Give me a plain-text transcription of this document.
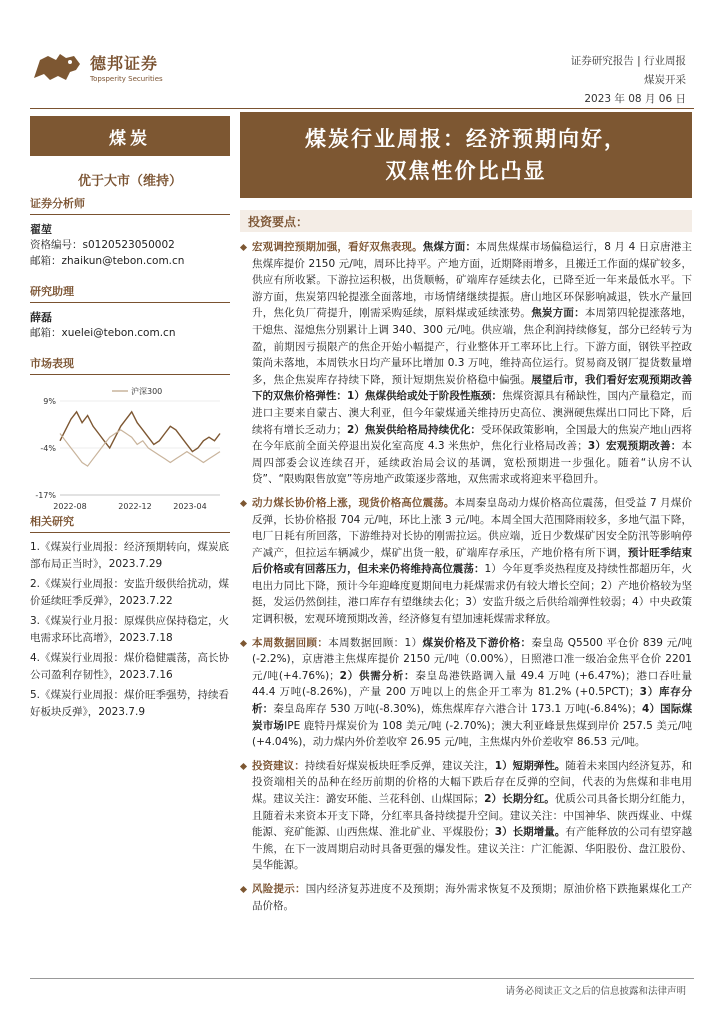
德邦证券
Topsperity Securities
证券研究报告 | 行业周报
煤炭开采
2023 年 08 月 06 日
煤炭
优于大市（维持）
证券分析师
翟堃
资格编号：s0120523050002
邮箱：zhaikun@tebon.com.cn
研究助理
薛磊
邮箱：xuelei@tebon.com.cn
市场表现
9%
-4%
-17%
2022-08	2022-12	2023-04
沪深300
相关研究
1.《煤炭行业周报：经济预期转向，煤炭底部布局正当时》，2023.7.29
2.《煤炭行业周报：安监升级供给扰动，煤价延续旺季反弹》，2023.7.22
3.《煤炭行业月报：原煤供应保持稳定，火电需求环比高增》，2023.7.18
4.《煤炭行业周报：煤价稳健震荡，高长协公司盈利存韧性》，2023.7.16
5.《煤炭行业周报：煤价旺季强势，持续看好板块反弹》，2023.7.9
煤炭行业周报：经济预期向好，
双焦性价比凸显
投资要点：
宏观调控预期加强，看好双焦表现。焦煤方面：本周焦煤煤市场偏稳运行，8 月 4 日京唐港主焦煤库提价 2150 元/吨，周环比持平。产地方面，近期降雨增多，且搬迁工作面的煤矿较多，供应有所收紧。下游拉运积极，出货顺畅，矿端库存延续去化，已降至近一年来最低水平。下游方面，焦炭第四轮提涨全面落地，市场情绪继续提振。唐山地区环保影响减退，铁水产量回升，焦化负厂荷提升，刚需采购延续，原料煤或延续涨势。焦炭方面：本周第四轮提涨落地，干熄焦、湿熄焦分别累计上调 340、300 元/吨。供应端，焦企利润持续修复，部分已经转亏为盈，前期因亏损限产的焦企开始小幅提产，行业整体开工率环比上行。下游方面，钢铁平控政策尚未落地，本周铁水日均产量环比增加 0.3 万吨，维持高位运行。贸易商及钢厂提货数量增多，焦企焦炭库存持续下降，预计短期焦炭价格稳中偏强。展望后市，我们看好宏观预期改善下的双焦价格弹性：1）焦煤供给或处于阶段性瓶颈：焦煤资源具有稀缺性，国内产量稳定，而进口主要来自蒙古、澳大利亚，但今年蒙煤通关维持历史高位、澳洲硬焦煤出口同比下降，后续将有增长乏动力；2）焦炭供给格局持续优化：受环保政策影响，全国最大的焦炭产地山西将在今年底前全面关停退出炭化室高度 4.3 米焦炉，焦化行业格局改善；3）宏观预期改善：本周四部委会议连续召开，延续政治局会议的基调，宽松预期进一步强化。随着“认房不认贷”、“限购限售放宽”等房地产政策逐步落地，双焦需求或将迎来平稳回升。
动力煤长协价格上涨，现货价格高位震荡。本周秦皇岛动力煤价格高位震荡，但受益 7 月煤价反弹，长协价格报 704 元/吨，环比上涨 3 元/吨。本周全国大范围降雨较多，多地气温下降，电厂日耗有所回落，下游维持对长协的刚需拉运。供应端，近日少数煤矿因安全防汛等影响停产减产，但拉运车辆减少，煤矿出货一般，矿端库存承压，产地价格有所下调，预计旺季结束后价格或有回落压力，但未来仍将维持高位震荡：1）今年夏季炎热程度及持续性都超历年，火电出力同比下降，预计今年迎峰度夏期间电力耗煤需求仍有较大增长空间；2）产地价格较为坚挺，发运仍然倒挂，港口库存有望继续去化；3）安监升级之后供给端弹性较弱；4）中央政策定调积极，宏观环境预期改善，经济修复有望加速耗煤需求释放。
本周数据回顾：本周数据回顾：1）煤炭价格及下游价格：秦皇岛 Q5500 平仓价 839 元/吨 (-2.2%)，京唐港主焦煤库提价 2150 元/吨（0.00%），日照港口准一级冶金焦平仓价 2201 元/吨(+4.76%)；2）供需分析：秦皇岛港铁路调入量 49.4 万吨 (+6.47%)；港口吞吐量 44.4 万吨(-8.26%)，产量 200 万吨以上的焦企开工率为 81.2% (+0.5PCT)；3）库存分析：秦皇岛库存 530 万吨(-8.30%)，炼焦煤库存六港合计 173.1 万吨(-6.84%)；4）国际煤炭市场IPE 鹿特丹煤炭价为 108 美元/吨 (-2.70%)；澳大利亚峰景焦煤到岸价 257.5 美元/吨 (+4.04%)，动力煤内外价差收窄 26.95 元/吨，主焦煤内外价差收窄 86.53 元/吨。
投资建议：持续看好煤炭板块旺季反弹，建议关注，1）短期弹性。随着未来国内经济复苏，和投资端相关的品种在经历前期的价格的大幅下跌后存在反弹的空间，代表的为焦煤和非电用煤。建议关注：潞安环能、兰花科创、山煤国际；2）长期分红。优质公司具备长期分红能力，且随着未来资本开支下降，分红率具备持续提升空间。建议关注：中国神华、陕西煤业、中煤能源、兖矿能源、山西焦煤、淮北矿业、平煤股份；3）长期增量。有产能释放的公司有望穿越牛熊，在下一波周期启动时具备更强的爆发性。建议关注：广汇能源、华阳股份、盘江股份、昊华能源。
风险提示：国内经济复苏进度不及预期；海外需求恢复不及预期；原油价格下跌拖累煤化工产品价格。
请务必阅读正文之后的信息披露和法律声明
